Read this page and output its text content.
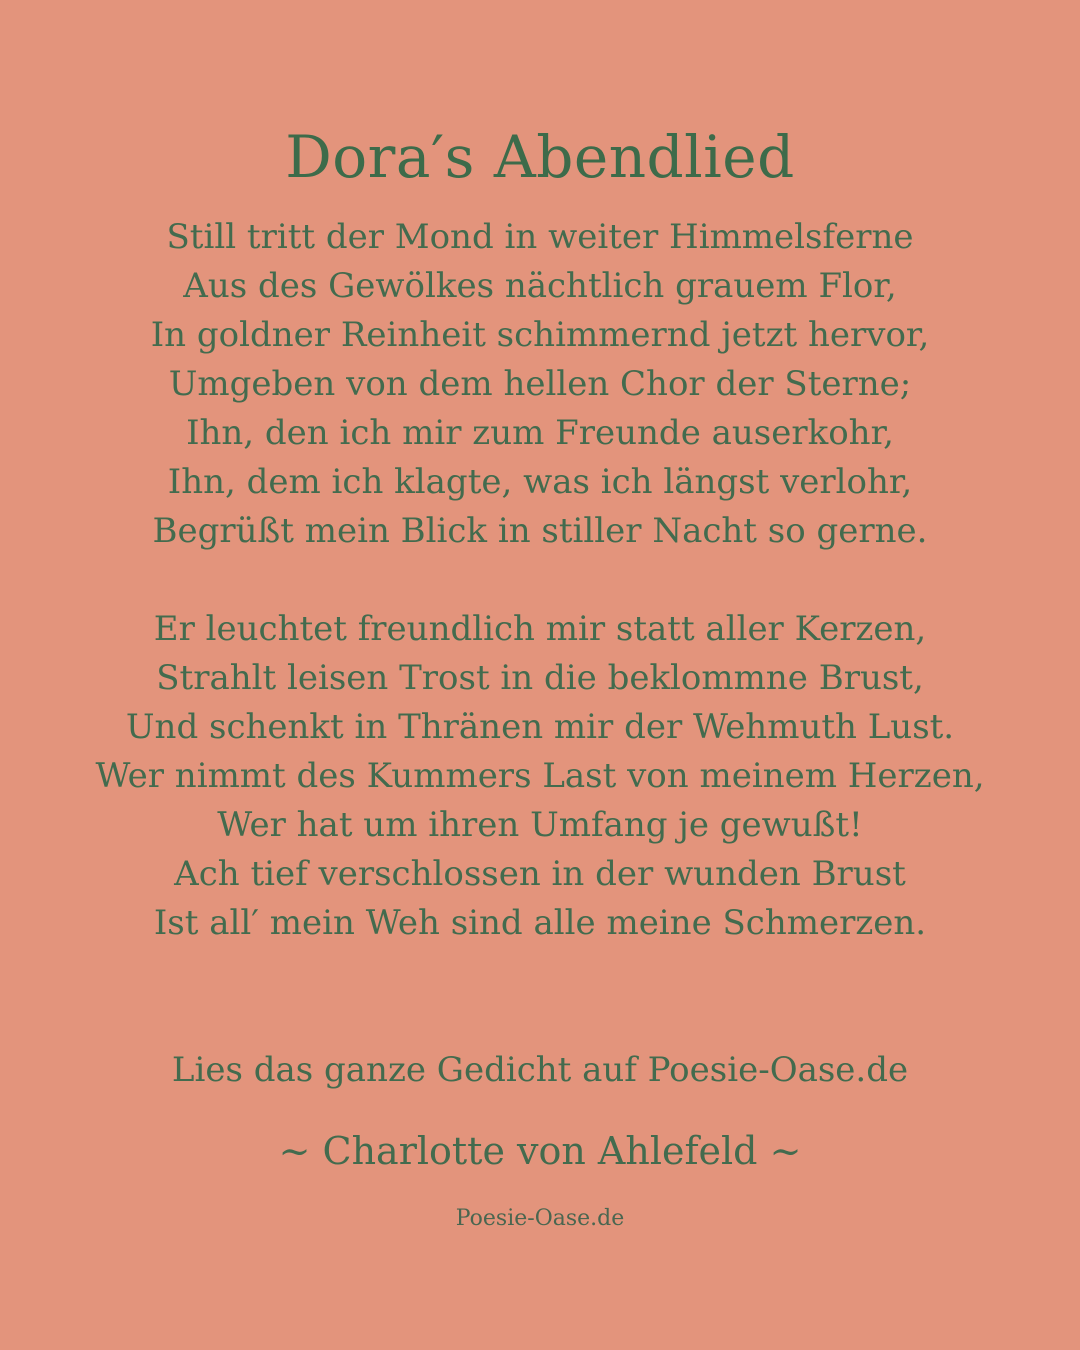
Dora′s Abendlied
Still tritt der Mond in weiter Himmelsferne
Aus des Gewölkes nächtlich grauem Flor,
In goldner Reinheit schimmernd jetzt hervor,
Umgeben von dem hellen Chor der Sterne;
Ihn, den ich mir zum Freunde auserkohr,
Ihn, dem ich klagte, was ich längst verlohr,
Begrüßt mein Blick in stiller Nacht so gerne.
Er leuchtet freundlich mir statt aller Kerzen,
Strahlt leisen Trost in die beklommne Brust,
Und schenkt in Thränen mir der Wehmuth Lust.
Wer nimmt des Kummers Last von meinem Herzen,
Wer hat um ihren Umfang je gewußt!
Ach tief verschlossen in der wunden Brust
Ist all′ mein Weh sind alle meine Schmerzen.
Lies das ganze Gedicht auf Poesie-Oase.de
~ Charlotte von Ahlefeld ~
Poesie-Oase.de
